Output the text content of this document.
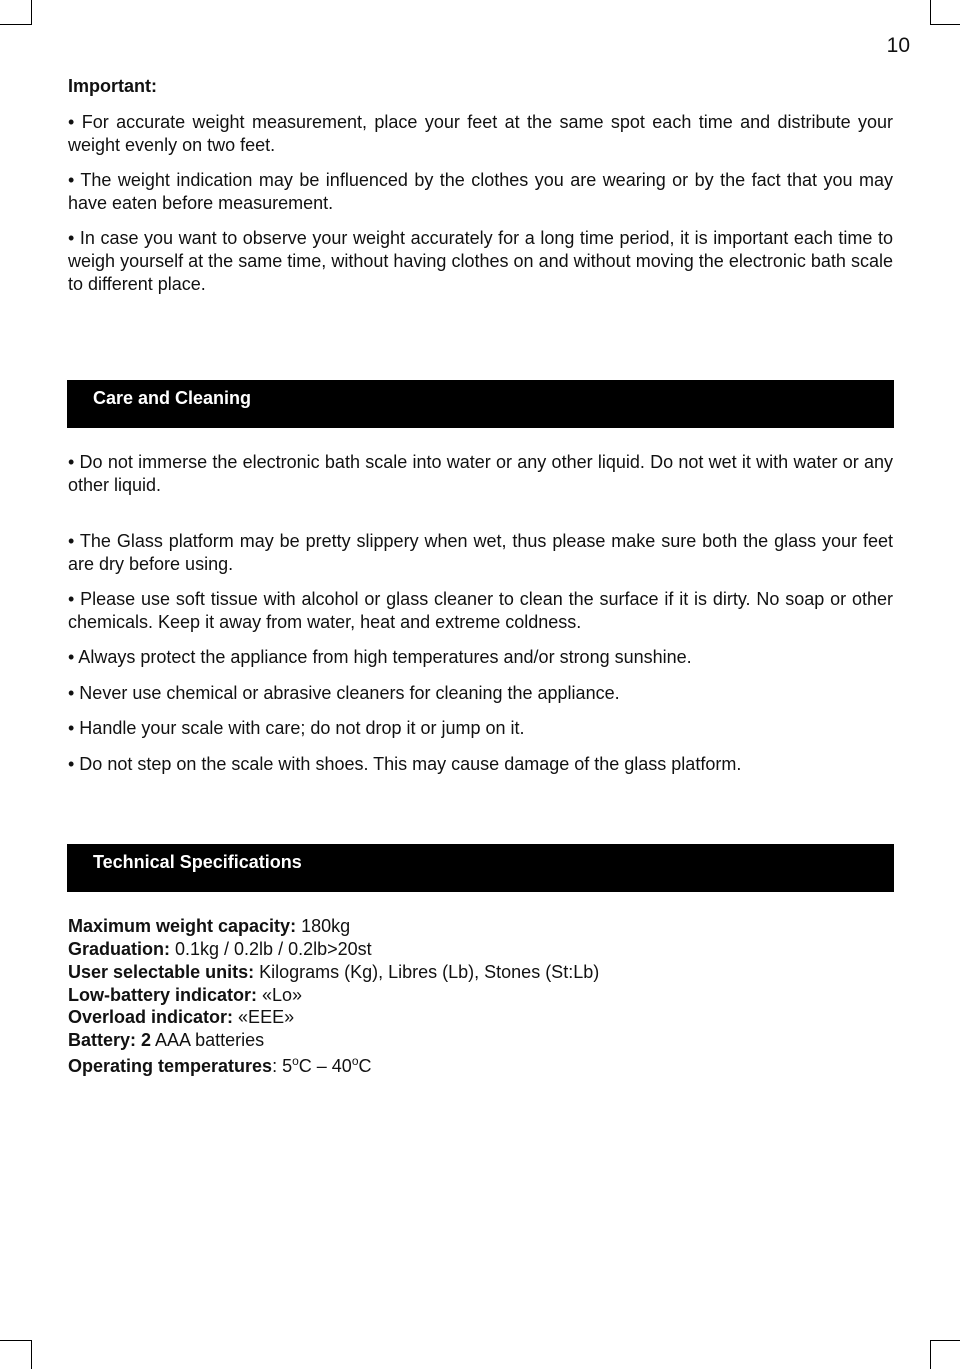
10
Important:
• For accurate weight measurement, place your feet at the same spot each time and distribute your weight evenly on two feet.
• The weight indication may be influenced by the clothes you are wearing or by the fact that you may have eaten before measurement.
• In case you want to observe your weight accurately for a long time period, it is important each time to weigh yourself at the same time, without having clothes on and without moving the electronic bath scale to different place.
Care and Cleaning
• Do not immerse the electronic bath scale into water or any other liquid. Do not wet it with water or any other liquid.
• The Glass platform may be pretty slippery when wet, thus please make sure both the glass your feet are dry before using.
• Please use soft tissue with alcohol or glass cleaner to clean the surface if it is dirty. No soap or other chemicals. Keep it away from water, heat and extreme coldness.
• Always protect the appliance from high temperatures and/or strong sunshine.
• Never use chemical or abrasive cleaners for cleaning the appliance.
• Handle your scale with care; do not drop it or jump on it.
• Do not step on the scale with shoes. This may cause damage of the glass platform.
Technical Specifications
Maximum weight capacity: 180kg
Graduation: 0.1kg / 0.2lb / 0.2lb>20st
User selectable units: Kilograms (Kg), Libres (Lb), Stones (St:Lb)
Low-battery indicator: «Lo»
Overload indicator: «EEE»
Battery: 2 AAA batteries
Operating temperatures: 5$^o$C – 40$^o$C
